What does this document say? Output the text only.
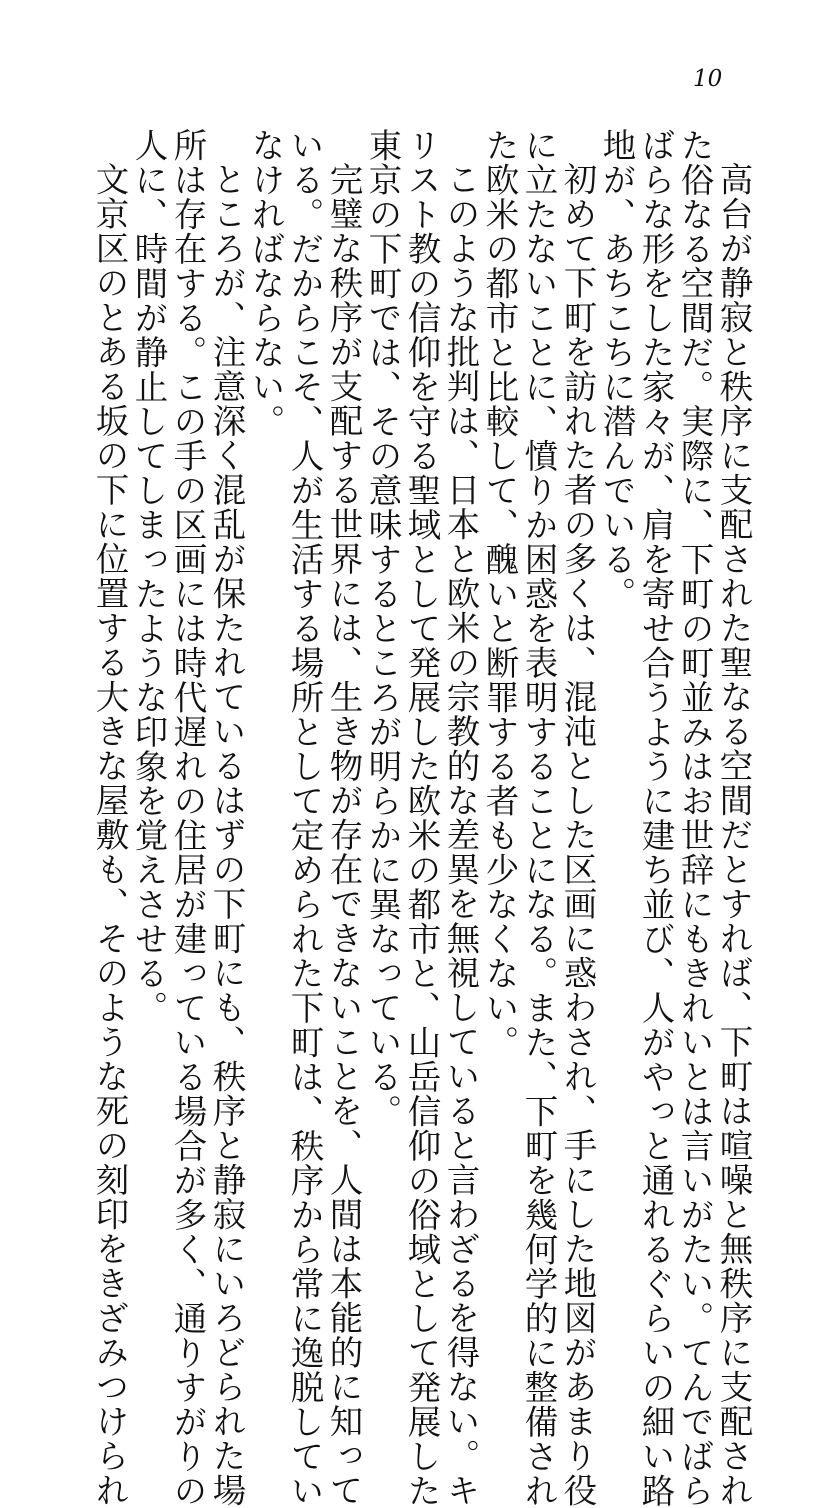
10
高台が静寂と秩序に支配された聖なる空間だとすれば、下町は喧噪と無秩序に支配され
た俗なる空間だ。実際に、下町の町並みはお世辞にもきれいとは言いがたい。てんでばら
ばらな形をした家々が、肩を寄せ合うように建ち並び、人がやっと通れるぐらいの細い路
地が、あちこちに潜んでいる。
初めて下町を訪れた者の多くは、混沌とした区画に惑わされ、手にした地図があまり役
に立たないことに、憤りか困惑を表明することになる。また、下町を幾何学的に整備され
た欧米の都市と比較して、醜いと断罪する者も少なくない。
このような批判は、日本と欧米の宗教的な差異を無視していると言わざるを得ない。キ
リスト教の信仰を守る聖域として発展した欧米の都市と、山岳信仰の俗域として発展した
東京の下町では、その意味するところが明らかに異なっている。
完璧な秩序が支配する世界には、生き物が存在できないことを、人間は本能的に知って
いる。だからこそ、人が生活する場所として定められた下町は、秩序から常に逸脱してい
なければならない。
ところが、注意深く混乱が保たれているはずの下町にも、秩序と静寂にいろどられた場
所は存在する。この手の区画には時代遅れの住居が建っている場合が多く、通りすがりの
人に、時間が静止してしまったような印象を覚えさせる。
文京区のとある坂の下に位置する大きな屋敷も、そのような死の刻印をきざみつけられ
